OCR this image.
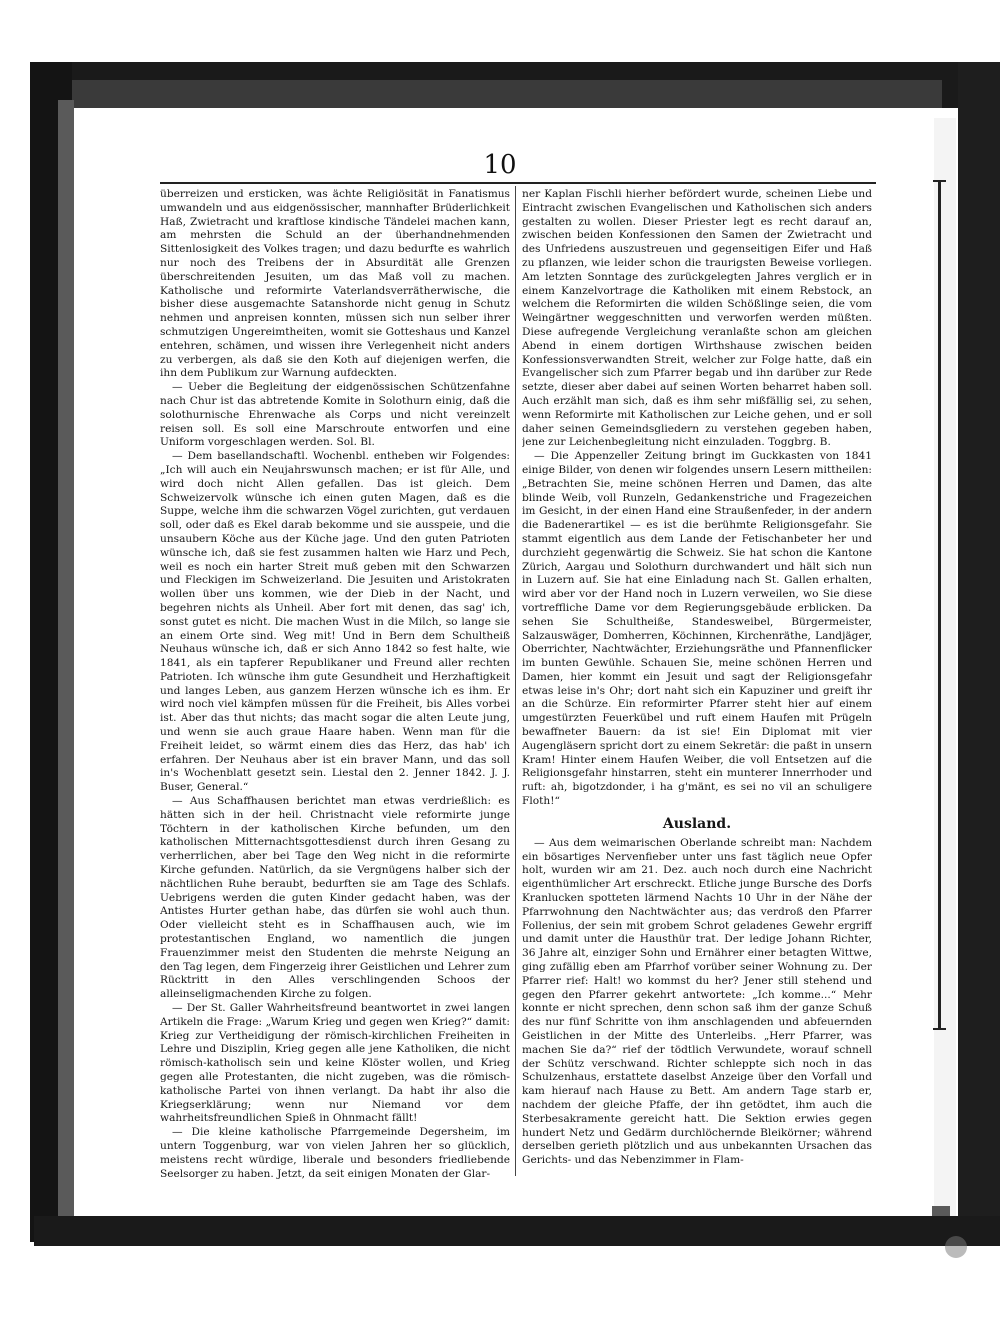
10

überreizen und ersticken, was ächte Religiösität in Fanatismus umwandeln und aus eidgenössischer, mannhafter Brüderlichkeit Haß, Zwietracht und kraftlose kindische Tändelei machen kann, am mehrsten die Schuld an der überhandnehmenden Sittenlosigkeit des Volkes tragen; und dazu bedurfte es wahrlich nur noch des Treibens der in Absurdität alle Grenzen überschreitenden Jesuiten, um das Maß voll zu machen. Katholische und reformirte Vaterlandsverrätherwische, die bisher diese ausgemachte Satanshorde nicht genug in Schutz nehmen und anpreisen konnten, müssen sich nun selber ihrer schmutzigen Ungereimtheiten, womit sie Gotteshaus und Kanzel entehren, schämen, und wissen ihre Verlegenheit nicht anders zu verbergen, als daß sie den Koth auf diejenigen werfen, die ihn dem Publikum zur Warnung aufdeckten.

— Ueber die Begleitung der eidgenössischen Schützenfahne nach Chur ist das abtretende Komite in Solothurn einig, daß die solothurnische Ehrenwache als Corps und nicht vereinzelt reisen soll. Es soll eine Marschroute entworfen und eine Uniform vorgeschlagen werden. Sol. Bl.

— Dem basellandschaftl. Wochenbl. entheben wir Folgendes: „Ich will auch ein Neujahrswunsch machen; er ist für Alle, und wird doch nicht Allen gefallen. Das ist gleich. Dem Schweizervolk wünsche ich einen guten Magen, daß es die Suppe, welche ihm die schwarzen Vögel zurichten, gut verdauen soll, oder daß es Ekel darab bekomme und sie ausspeie, und die unsaubern Köche aus der Küche jage. Und den guten Patrioten wünsche ich, daß sie fest zusammen halten wie Harz und Pech, weil es noch ein harter Streit muß geben mit den Schwarzen und Fleckigen im Schweizerland. Die Jesuiten und Aristokraten wollen über uns kommen, wie der Dieb in der Nacht, und begehren nichts als Unheil. Aber fort mit denen, das sag' ich, sonst gutet es nicht. Die machen Wust in die Milch, so lange sie an einem Orte sind. Weg mit! Und in Bern dem Schultheiß Neuhaus wünsche ich, daß er sich Anno 1842 so fest halte, wie 1841, als ein tapferer Republikaner und Freund aller rechten Patrioten. Ich wünsche ihm gute Gesundheit und Herzhaftigkeit und langes Leben, aus ganzem Herzen wünsche ich es ihm. Er wird noch viel kämpfen müssen für die Freiheit, bis Alles vorbei ist. Aber das thut nichts; das macht sogar die alten Leute jung, und wenn sie auch graue Haare haben. Wenn man für die Freiheit leidet, so wärmt einem dies das Herz, das hab' ich erfahren. Der Neuhaus aber ist ein braver Mann, und das soll in's Wochenblatt gesetzt sein. Liestal den 2. Jenner 1842. J. J. Buser, General.“

— Aus Schaffhausen berichtet man etwas verdrießlich: es hätten sich in der heil. Christnacht viele reformirte junge Töchtern in der katholischen Kirche befunden, um den katholischen Mitternachtsgottesdienst durch ihren Gesang zu verherrlichen, aber bei Tage den Weg nicht in die reformirte Kirche gefunden. Natürlich, da sie Vergnügens halber sich der nächtlichen Ruhe beraubt, bedurften sie am Tage des Schlafs. Uebrigens werden die guten Kinder gedacht haben, was der Antistes Hurter gethan habe, das dürfen sie wohl auch thun. Oder vielleicht steht es in Schaffhausen auch, wie im protestantischen England, wo namentlich die jungen Frauenzimmer meist den Studenten die mehrste Neigung an den Tag legen, dem Fingerzeig ihrer Geistlichen und Lehrer zum Rücktritt in den Alles verschlingenden Schoos der alleinseligmachenden Kirche zu folgen.

— Der St. Galler Wahrheitsfreund beantwortet in zwei langen Artikeln die Frage: „Warum Krieg und gegen wen Krieg?“ damit: Krieg zur Vertheidigung der römisch-kirchlichen Freiheiten in Lehre und Disziplin, Krieg gegen alle jene Katholiken, die nicht römisch-katholisch sein und keine Klöster wollen, und Krieg gegen alle Protestanten, die nicht zugeben, was die römisch-katholische Partei von ihnen verlangt. Da habt ihr also die Kriegserklärung; wenn nur Niemand vor dem wahrheitsfreundlichen Spieß in Ohnmacht fällt!

— Die kleine katholische Pfarrgemeinde Degersheim, im untern Toggenburg, war von vielen Jahren her so glücklich, meistens recht würdige, liberale und besonders friedliebende Seelsorger zu haben. Jetzt, da seit einigen Monaten der Glar-

ner Kaplan Fischli hierher befördert wurde, scheinen Liebe und Eintracht zwischen Evangelischen und Katholischen sich anders gestalten zu wollen. Dieser Priester legt es recht darauf an, zwischen beiden Konfessionen den Samen der Zwietracht und des Unfriedens auszustreuen und gegenseitigen Eifer und Haß zu pflanzen, wie leider schon die traurigsten Beweise vorliegen. Am letzten Sonntage des zurückgelegten Jahres verglich er in einem Kanzelvortrage die Katholiken mit einem Rebstock, an welchem die Reformirten die wilden Schößlinge seien, die vom Weingärtner weggeschnitten und verworfen werden müßten. Diese aufregende Vergleichung veranlaßte schon am gleichen Abend in einem dortigen Wirthshause zwischen beiden Konfessionsverwandten Streit, welcher zur Folge hatte, daß ein Evangelischer sich zum Pfarrer begab und ihn darüber zur Rede setzte, dieser aber dabei auf seinen Worten beharret haben soll. Auch erzählt man sich, daß es ihm sehr mißfällig sei, zu sehen, wenn Reformirte mit Katholischen zur Leiche gehen, und er soll daher seinen Gemeindsgliedern zu verstehen gegeben haben, jene zur Leichenbegleitung nicht einzuladen. Toggbrg. B.

— Die Appenzeller Zeitung bringt im Guckkasten von 1841 einige Bilder, von denen wir folgendes unsern Lesern mittheilen: „Betrachten Sie, meine schönen Herren und Damen, das alte blinde Weib, voll Runzeln, Gedankenstriche und Fragezeichen im Gesicht, in der einen Hand eine Straußenfeder, in der andern die Badenerartikel — es ist die berühmte Religionsgefahr. Sie stammt eigentlich aus dem Lande der Fetischanbeter her und durchzieht gegenwärtig die Schweiz. Sie hat schon die Kantone Zürich, Aargau und Solothurn durchwandert und hält sich nun in Luzern auf. Sie hat eine Einladung nach St. Gallen erhalten, wird aber vor der Hand noch in Luzern verweilen, wo Sie diese vortreffliche Dame vor dem Regierungsgebäude erblicken. Da sehen Sie Schultheiße, Standesweibel, Bürgermeister, Salzauswäger, Domherren, Köchinnen, Kirchenräthe, Landjäger, Oberrichter, Nachtwächter, Erziehungsräthe und Pfannenflicker im bunten Gewühle. Schauen Sie, meine schönen Herren und Damen, hier kommt ein Jesuit und sagt der Religionsgefahr etwas leise in's Ohr; dort naht sich ein Kapuziner und greift ihr an die Schürze. Ein reformirter Pfarrer steht hier auf einem umgestürzten Feuerkübel und ruft einem Haufen mit Prügeln bewaffneter Bauern: da ist sie! Ein Diplomat mit vier Augengläsern spricht dort zu einem Sekretär: die paßt in unsern Kram! Hinter einem Haufen Weiber, die voll Entsetzen auf die Religionsgefahr hinstarren, steht ein munterer Innerrhoder und ruft: ah, bigotzdonder, i ha g'mänt, es sei no vil an schuligere Floth!“

Ausland.

— Aus dem weimarischen Oberlande schreibt man: Nachdem ein bösartiges Nervenfieber unter uns fast täglich neue Opfer holt, wurden wir am 21. Dez. auch noch durch eine Nachricht eigenthümlicher Art erschreckt. Etliche junge Bursche des Dorfs Kranlucken spotteten lärmend Nachts 10 Uhr in der Nähe der Pfarrwohnung den Nachtwächter aus; das verdroß den Pfarrer Follenius, der sein mit grobem Schrot geladenes Gewehr ergriff und damit unter die Hausthür trat. Der ledige Johann Richter, 36 Jahre alt, einziger Sohn und Ernährer einer betagten Wittwe, ging zufällig eben am Pfarrhof vorüber seiner Wohnung zu. Der Pfarrer rief: Halt! wo kommst du her? Jener still stehend und gegen den Pfarrer gekehrt antwortete: „Ich komme...“ Mehr konnte er nicht sprechen, denn schon saß ihm der ganze Schuß des nur fünf Schritte von ihm anschlagenden und abfeuernden Geistlichen in der Mitte des Unterleibs. „Herr Pfarrer, was machen Sie da?“ rief der tödtlich Verwundete, worauf schnell der Schütz verschwand. Richter schleppte sich noch in das Schulzenhaus, erstattete daselbst Anzeige über den Vorfall und kam hierauf nach Hause zu Bett. Am andern Tage starb er, nachdem der gleiche Pfaffe, der ihn getödtet, ihm auch die Sterbesakramente gereicht hatt. Die Sektion erwies gegen hundert Netz und Gedärm durchlöchernde Bleikörner; während derselben gerieth plötzlich und aus unbekannten Ursachen das Gerichts- und das Nebenzimmer in Flam-
